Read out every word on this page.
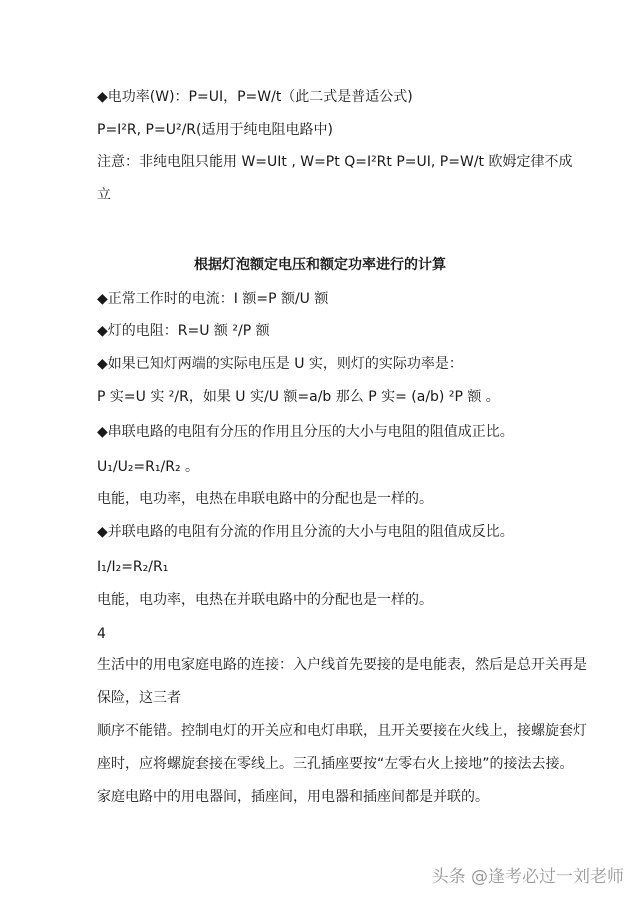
◆电功率(W)：P=UI，P=W/t（此二式是普适公式)
P=I²R, P=U²/R(适用于纯电阻电路中)
注意：非纯电阻只能用 W=UIt , W=Pt Q=I²Rt P=UI, P=W/t 欧姆定律不成
立
根据灯泡额定电压和额定功率进行的计算
◆正常工作时的电流：I 额=P 额/U 额
◆灯的电阻：R=U 额 ²/P 额
◆如果已知灯两端的实际电压是 U 实，则灯的实际功率是：
P 实=U 实 ²/R，如果 U 实/U 额=a/b 那么 P 实= (a/b) ²P 额 。
◆串联电路的电阻有分压的作用且分压的大小与电阻的阻值成正比。
U₁/U₂=R₁/R₂ 。
电能，电功率，电热在串联电路中的分配也是一样的。
◆并联电路的电阻有分流的作用且分流的大小与电阻的阻值成反比。
I₁/I₂=R₂/R₁
电能，电功率，电热在并联电路中的分配也是一样的。
4
生活中的用电家庭电路的连接：入户线首先要接的是电能表，然后是总开关再是
保险，这三者
顺序不能错。控制电灯的开关应和电灯串联，且开关要接在火线上，接螺旋套灯
座时，应将螺旋套接在零线上。三孔插座要按“左零右火上接地”的接法去接。
家庭电路中的用电器间，插座间，用电器和插座间都是并联的。
头条 @逢考必过一刘老师
